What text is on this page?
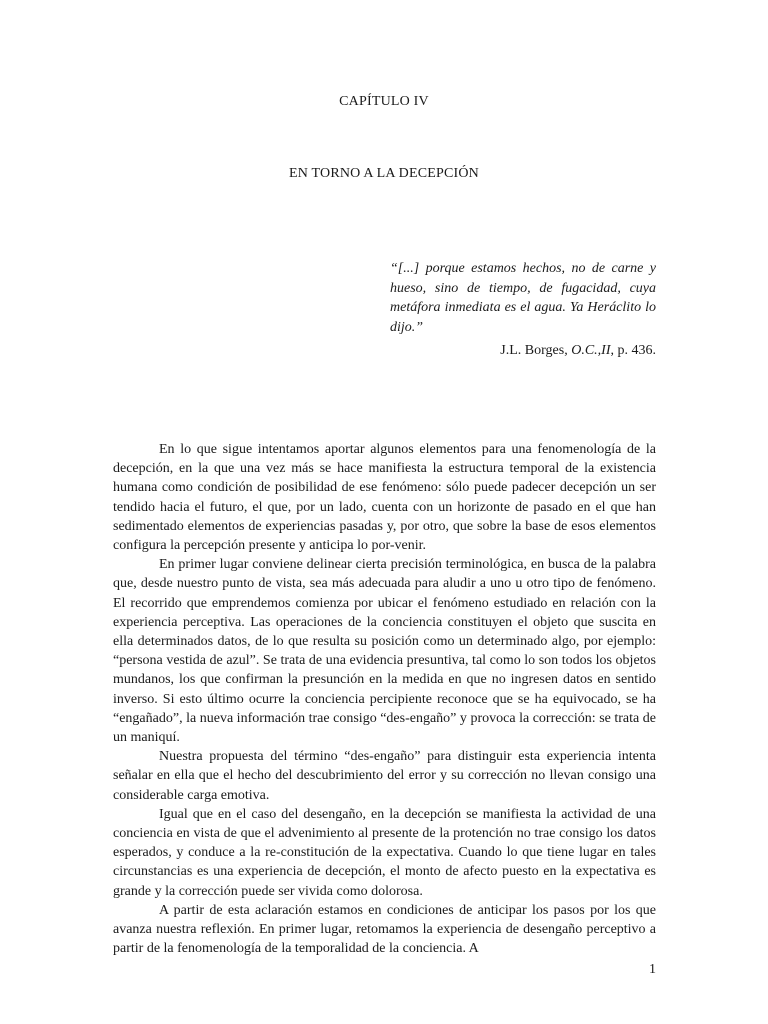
CAPÍTULO IV
EN TORNO A LA DECEPCIÓN
“[...] porque estamos hechos, no de carne y hueso, sino de tiempo, de fugacidad, cuya metáfora inmediata es el agua. Ya Heráclito lo dijo.”
J.L. Borges, O.C.,II, p. 436.

En lo que sigue intentamos aportar algunos elementos para una fenomenología de la decepción, en la que una vez más se hace manifiesta la estructura temporal de la existencia humana como condición de posibilidad de ese fenómeno: sólo puede padecer decepción un ser tendido hacia el futuro, el que, por un lado, cuenta con un horizonte de pasado en el que han sedimentado elementos de experiencias pasadas y, por otro, que sobre la base de esos elementos configura la percepción presente y anticipa lo por-venir.

En primer lugar conviene delinear cierta precisión terminológica, en busca de la palabra que, desde nuestro punto de vista, sea más adecuada para aludir a uno u otro tipo de fenómeno. El recorrido que emprendemos comienza por ubicar el fenómeno estudiado en relación con la experiencia perceptiva. Las operaciones de la conciencia constituyen el objeto que suscita en ella determinados datos, de lo que resulta su posición como un determinado algo, por ejemplo: “persona vestida de azul”. Se trata de una evidencia presuntiva, tal como lo son todos los objetos mundanos, los que confirman la presunción en la medida en que no ingresen datos en sentido inverso. Si esto último ocurre la conciencia percipiente reconoce que se ha equivocado, se ha “engañado”, la nueva información trae consigo “des-engaño” y provoca la corrección: se trata de un maniquí.

Nuestra propuesta del término “des-engaño” para distinguir esta experiencia intenta señalar en ella que el hecho del descubrimiento del error y su corrección no llevan consigo una considerable carga emotiva.

Igual que en el caso del desengaño, en la decepción se manifiesta la actividad de una conciencia en vista de que el advenimiento al presente de la protención no trae consigo los datos esperados, y conduce a la re-constitución de la expectativa. Cuando lo que tiene lugar en tales circunstancias es una experiencia de decepción, el monto de afecto puesto en la expectativa es grande y la corrección puede ser vivida como dolorosa.

A partir de esta aclaración estamos en condiciones de anticipar los pasos por los que avanza nuestra reflexión. En primer lugar, retomamos la experiencia de desengaño perceptivo a partir de la fenomenología de la temporalidad de la conciencia. A

1
